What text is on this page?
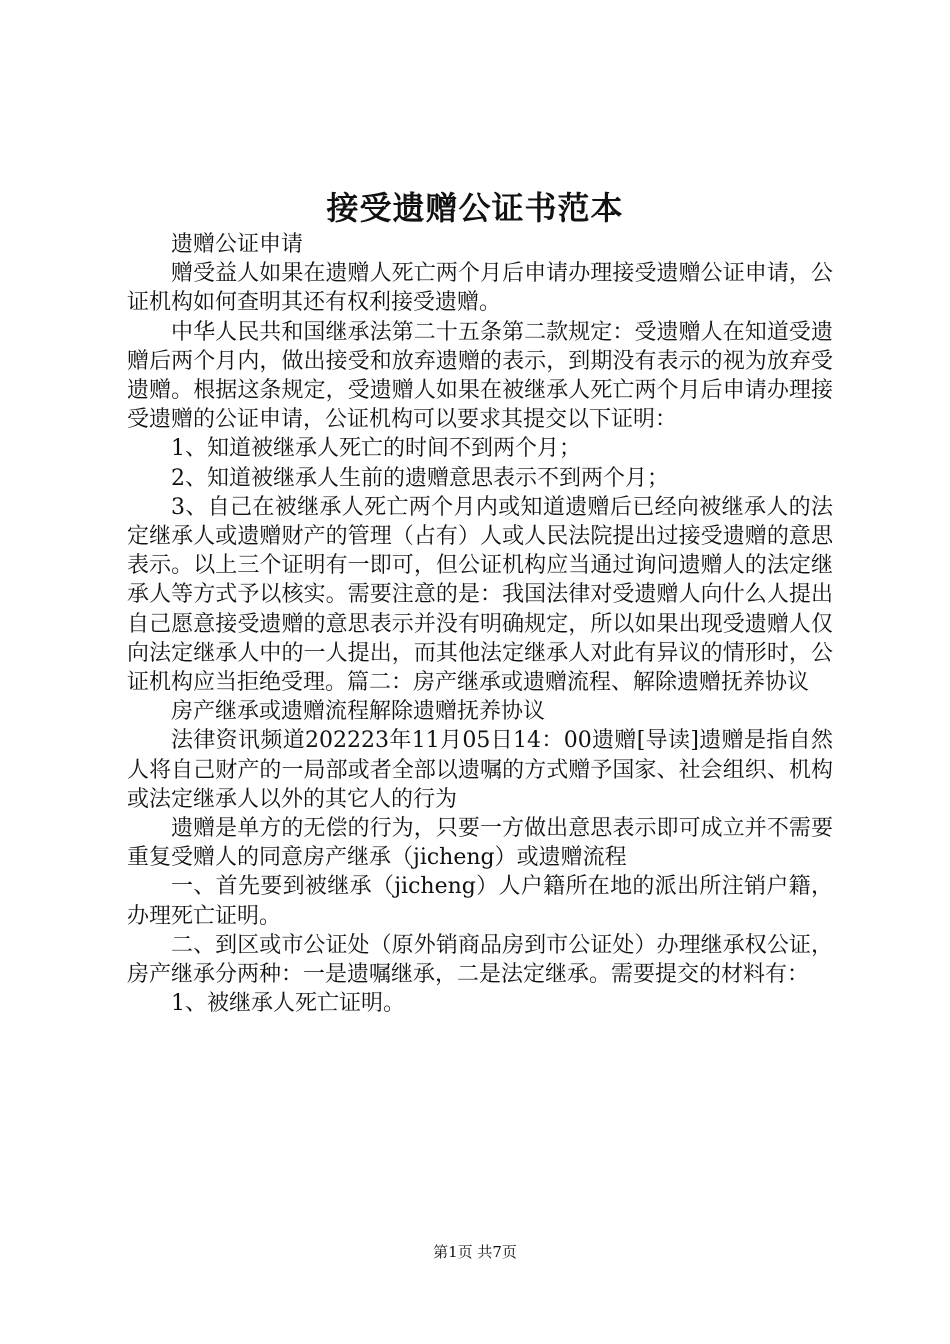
接受遗赠公证书范本

遗赠公证申请

赠受益人如果在遗赠人死亡两个月后申请办理接受遗赠公证申请，公证机构如何查明其还有权利接受遗赠。

中华人民共和国继承法第二十五条第二款规定：受遗赠人在知道受遗赠后两个月内，做出接受和放弃遗赠的表示，到期没有表示的视为放弃受遗赠。根据这条规定，受遗赠人如果在被继承人死亡两个月后申请办理接受遗赠的公证申请，公证机构可以要求其提交以下证明：

1、知道被继承人死亡的时间不到两个月；

2、知道被继承人生前的遗赠意思表示不到两个月；

3、自己在被继承人死亡两个月内或知道遗赠后已经向被继承人的法定继承人或遗赠财产的管理（占有）人或人民法院提出过接受遗赠的意思表示。以上三个证明有一即可，但公证机构应当通过询问遗赠人的法定继承人等方式予以核实。需要注意的是：我国法律对受遗赠人向什么人提出自己愿意接受遗赠的意思表示并没有明确规定，所以如果出现受遗赠人仅向法定继承人中的一人提出，而其他法定继承人对此有异议的情形时，公证机构应当拒绝受理。篇二：房产继承或遗赠流程、解除遗赠抚养协议

房产继承或遗赠流程解除遗赠抚养协议

法律资讯频道202223年11月05日14：00遗赠[导读]遗赠是指自然人将自己财产的一局部或者全部以遗嘱的方式赠予国家、社会组织、机构或法定继承人以外的其它人的行为

遗赠是单方的无偿的行为，只要一方做出意思表示即可成立并不需要重复受赠人的同意房产继承（jicheng）或遗赠流程

一、首先要到被继承（jicheng）人户籍所在地的派出所注销户籍，办理死亡证明。

二、到区或市公证处（原外销商品房到市公证处）办理继承权公证，房产继承分两种：一是遗嘱继承，二是法定继承。需要提交的材料有：

1、被继承人死亡证明。

第1页 共7页
